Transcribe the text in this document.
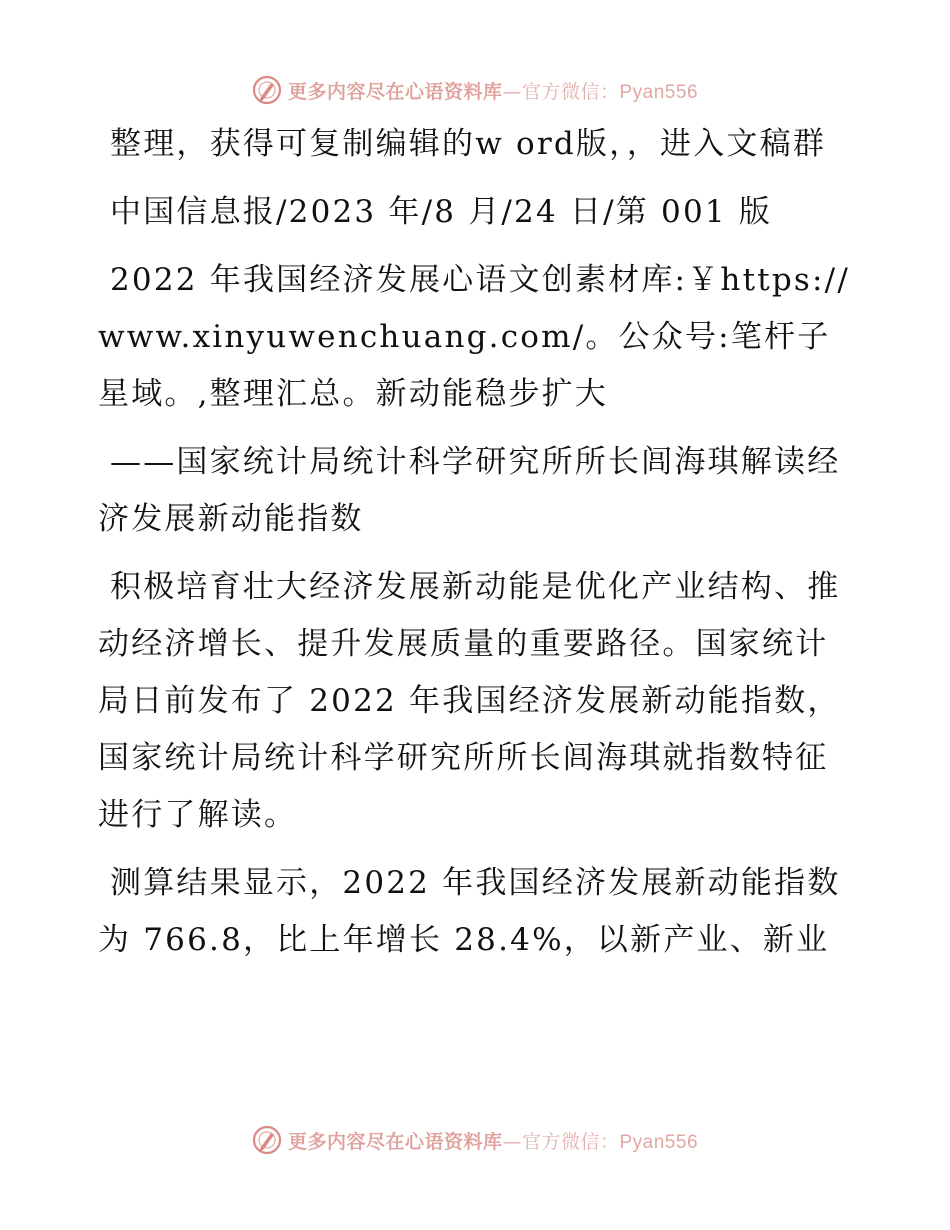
更多内容尽在心语资料库—官方微信：Pyan556

整理，获得可复制编辑的w ord版，，进入文稿群

中国信息报/2023 年/8 月/24 日/第 001 版

2022 年我国经济发展心语文创素材库:￥https://www.xinyuwenchuang.com/。公众号:笔杆子星域。,整理汇总。新动能稳步扩大

——国家统计局统计科学研究所所长闾海琪解读经济发展新动能指数

积极培育壮大经济发展新动能是优化产业结构、推动经济增长、提升发展质量的重要路径。国家统计局日前发布了 2022 年我国经济发展新动能指数，国家统计局统计科学研究所所长闾海琪就指数特征进行了解读。

测算结果显示，2022 年我国经济发展新动能指数为 766.8，比上年增长 28.4%，以新产业、新业

更多内容尽在心语资料库—官方微信：Pyan556
